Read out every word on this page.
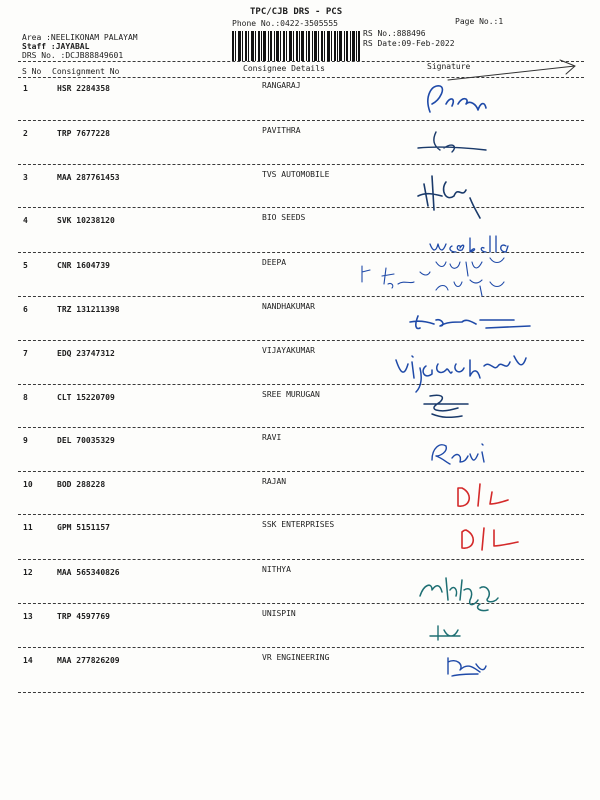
TPC/CJB DRS - PCS
Phone No.:0422-3505555	Page No.:1
Area :NEELIKONAM PALAYAM
Staff :JAYABAL
DRS No. :DCJB88849601
RS No.:888496
RS Date:09-Feb-2022
S No Consignment No	Consignee Details	Signature
1	HSR 2284358	RANGARAJ
2	TRP 7677228	PAVITHRA
3	MAA 287761453	TVS AUTOMOBILE
4	SVK 10238120	BIO SEEDS
5	CNR 1604739	DEEPA
6	TRZ 131211398	NANDHAKUMAR
7	EDQ 23747312	VIJAYAKUMAR
8	CLT 15220709	SREE MURUGAN
9	DEL 70035329	RAVI
10	BOD 288228	RAJAN
11	GPM 5151157	SSK ENTERPRISES
12	MAA 565340826	NITHYA
13	TRP 4597769	UNISPIN
14	MAA 277826209	VR ENGINEERING
